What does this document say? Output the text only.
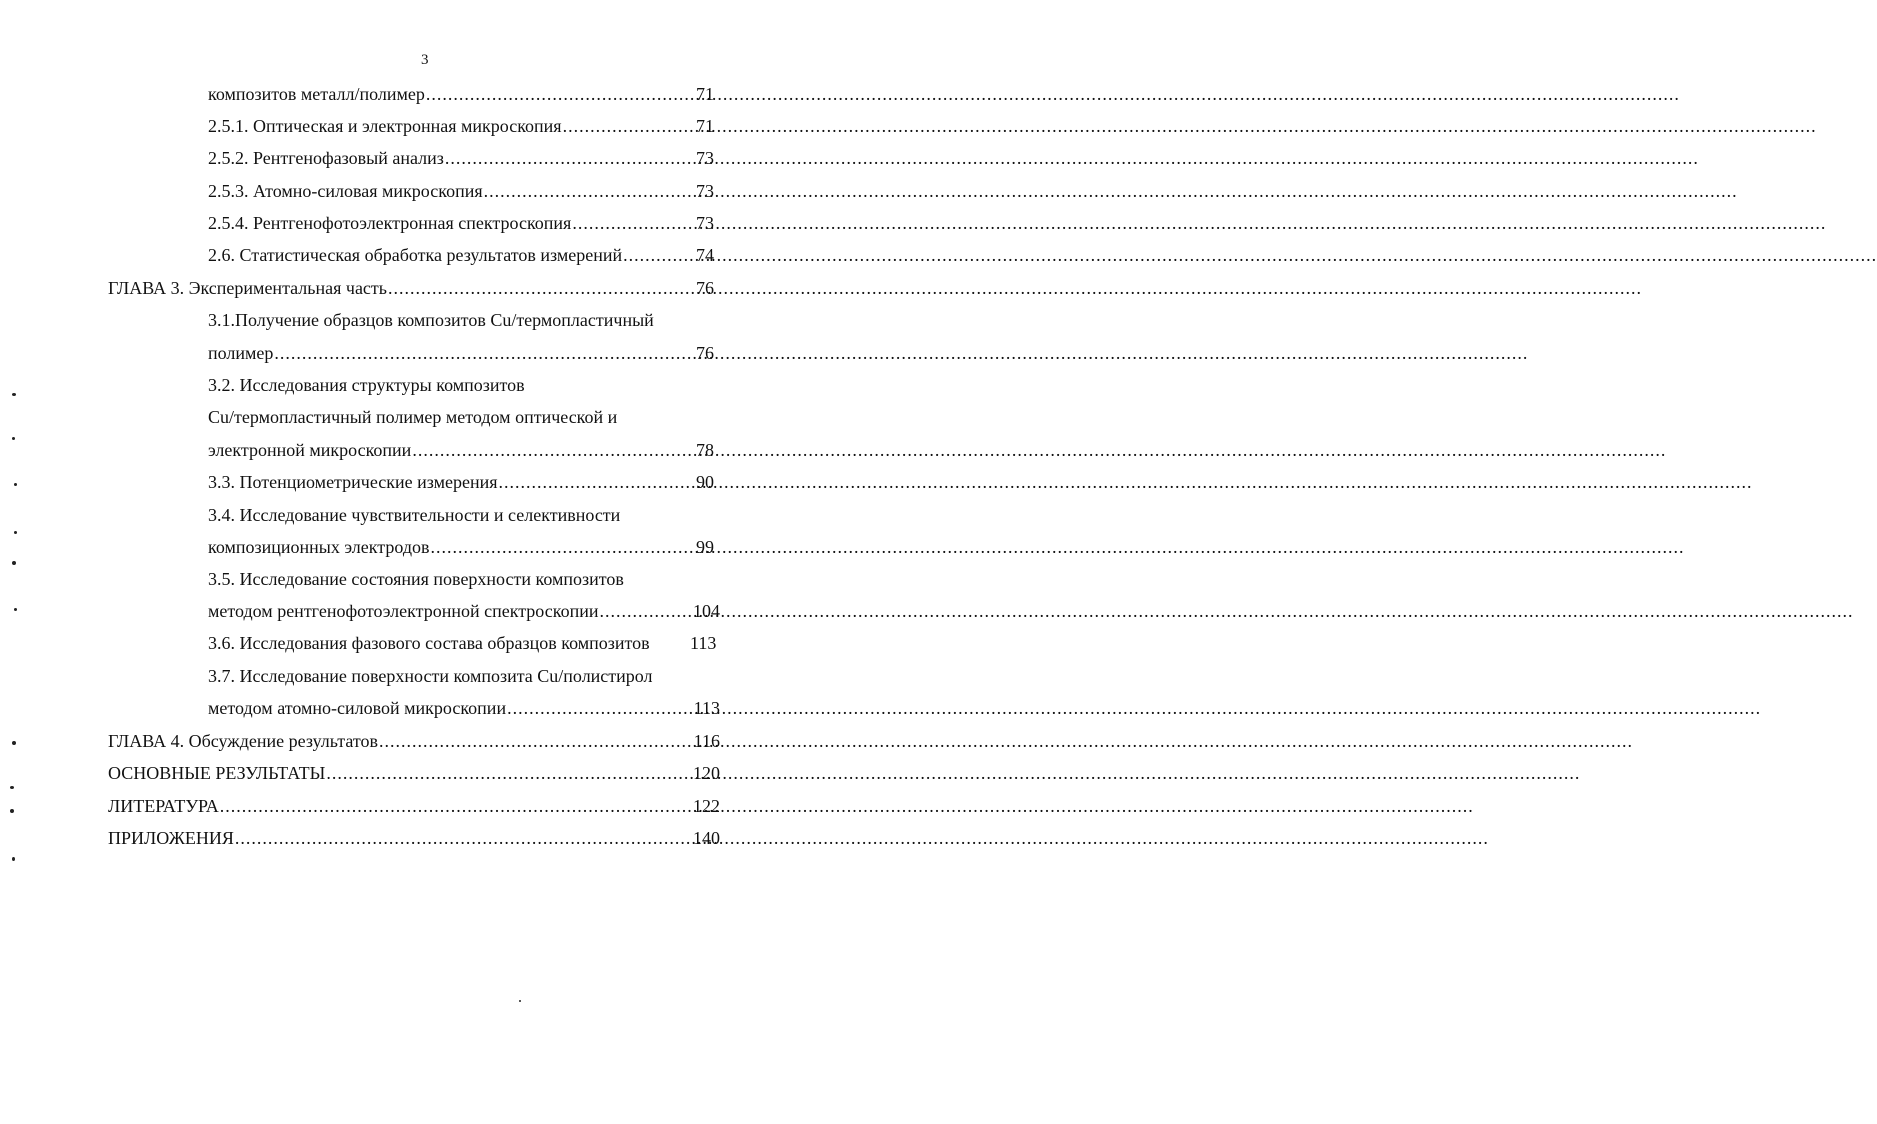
3
композитов металл/полимер .....	71
2.5.1. Оптическая и электронная микроскопия .....	71
2.5.2. Рентгенофазовый анализ .....	73
2.5.3. Атомно-силовая микроскопия .....	73
2.5.4. Рентгенофотоэлектронная спектроскопия .....	73
2.6. Статистическая обработка результатов измерений .....	74
ГЛАВА 3. Экспериментальная часть .....	76
3.1.Получение образцов композитов Cu/термопластичный
полимер .....	76
3.2. Исследования структуры композитов
Cu/термопластичный полимер методом оптической и
электронной микроскопии .....	78
3.3. Потенциометрические измерения .....	90
3.4. Исследование чувствительности и селективности
композиционных электродов .....	99
3.5. Исследование состояния поверхности композитов
методом рентгенофотоэлектронной спектроскопии .....	104
3.6. Исследования фазового состава образцов композитов 113
3.7. Исследование поверхности композита Cu/полистирол
методом атомно-силовой микроскопии .....	113
ГЛАВА 4. Обсуждение результатов .....	116
ОСНОВНЫЕ РЕЗУЛЬТАТЫ .....	120
ЛИТЕРАТУРА .....	122
ПРИЛОЖЕНИЯ .....	140
